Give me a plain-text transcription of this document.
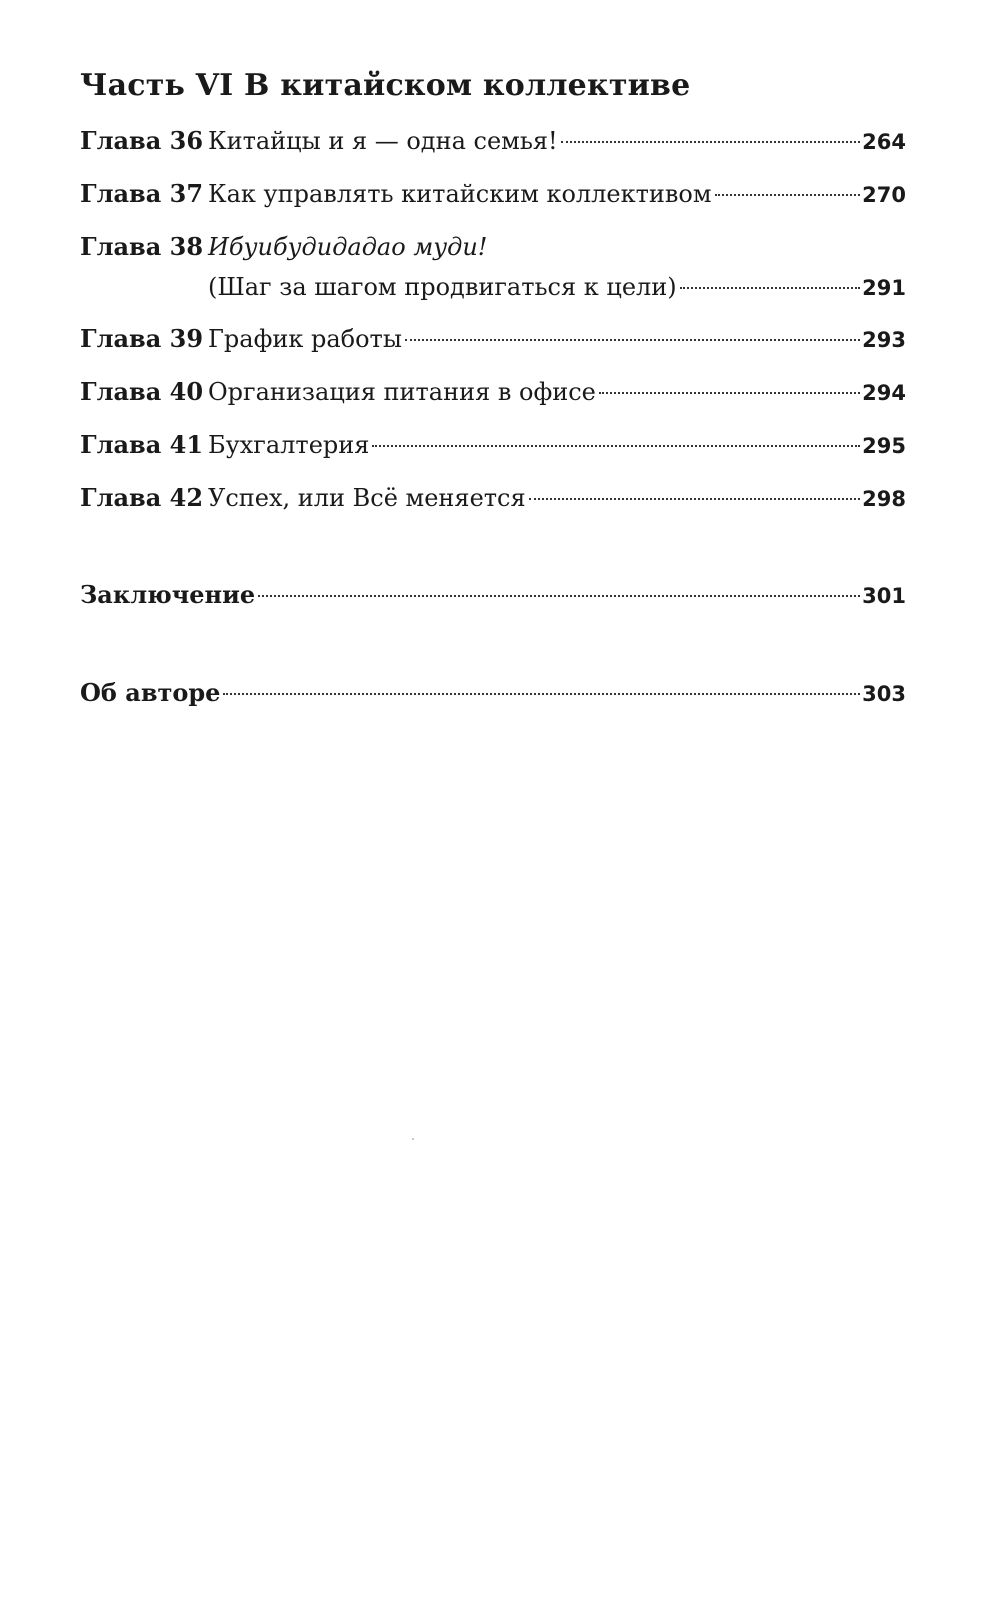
Часть VI В китайском коллективе
Глава 36 Китайцы и я — одна семья!	264
Глава 37 Как управлять китайским коллективом	270
Глава 38 Ибуибудидадао муди!
(Шаг за шагом продвигаться к цели)	291
Глава 39 График работы	293
Глава 40 Организация питания в офисе	294
Глава 41 Бухгалтерия	295
Глава 42 Успех, или Всё меняется	298
Заключение	301
Об авторе	303
